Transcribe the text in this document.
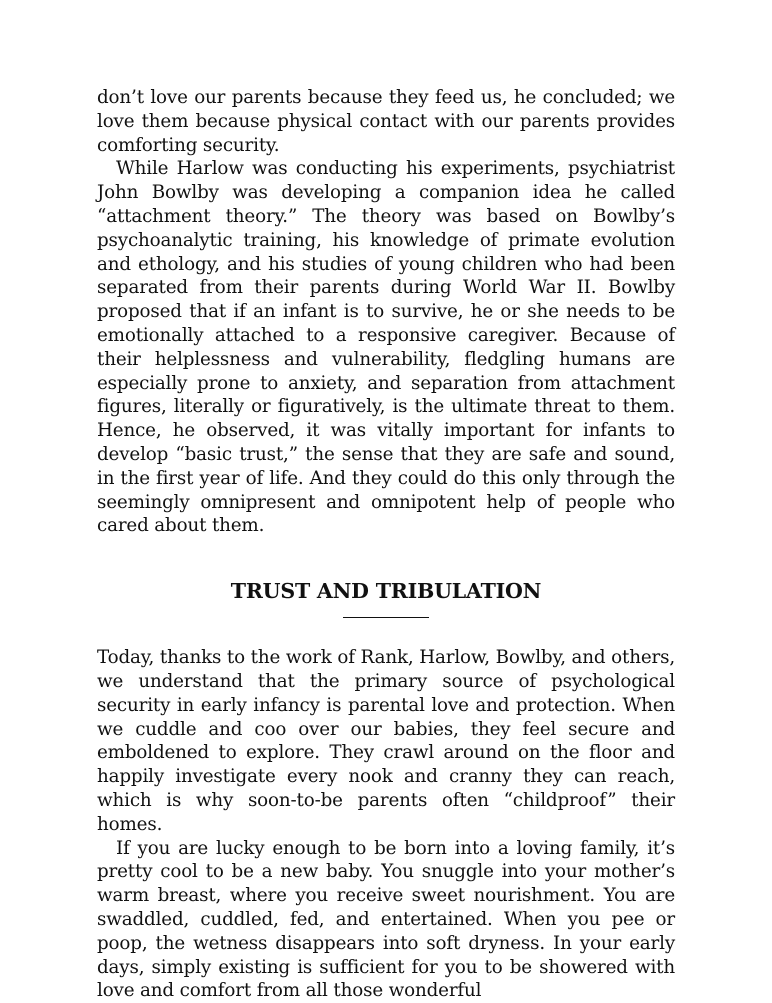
don’t love our parents because they feed us, he concluded; we love them because physical contact with our parents provides comforting security.

While Harlow was conducting his experiments, psychiatrist John Bowlby was developing a companion idea he called “attachment theory.” The theory was based on Bowlby’s psychoanalytic training, his knowledge of primate evolution and ethology, and his studies of young children who had been separated from their parents during World War II. Bowlby proposed that if an infant is to survive, he or she needs to be emotionally attached to a responsive caregiver. Because of their helplessness and vulnerability, fledgling humans are especially prone to anxiety, and separation from attachment figures, literally or figuratively, is the ultimate threat to them. Hence, he observed, it was vitally important for infants to develop “basic trust,” the sense that they are safe and sound, in the first year of life. And they could do this only through the seemingly omnipresent and omnipotent help of people who cared about them.

TRUST AND TRIBULATION

Today, thanks to the work of Rank, Harlow, Bowlby, and others, we understand that the primary source of psychological security in early infancy is parental love and protection. When we cuddle and coo over our babies, they feel secure and emboldened to explore. They crawl around on the floor and happily investigate every nook and cranny they can reach, which is why soon-to-be parents often “childproof” their homes.

If you are lucky enough to be born into a loving family, it’s pretty cool to be a new baby. You snuggle into your mother’s warm breast, where you receive sweet nourishment. You are swaddled, cuddled, fed, and entertained. When you pee or poop, the wetness disappears into soft dryness. In your early days, simply existing is sufficient for you to be showered with love and comfort from all those wonderful
